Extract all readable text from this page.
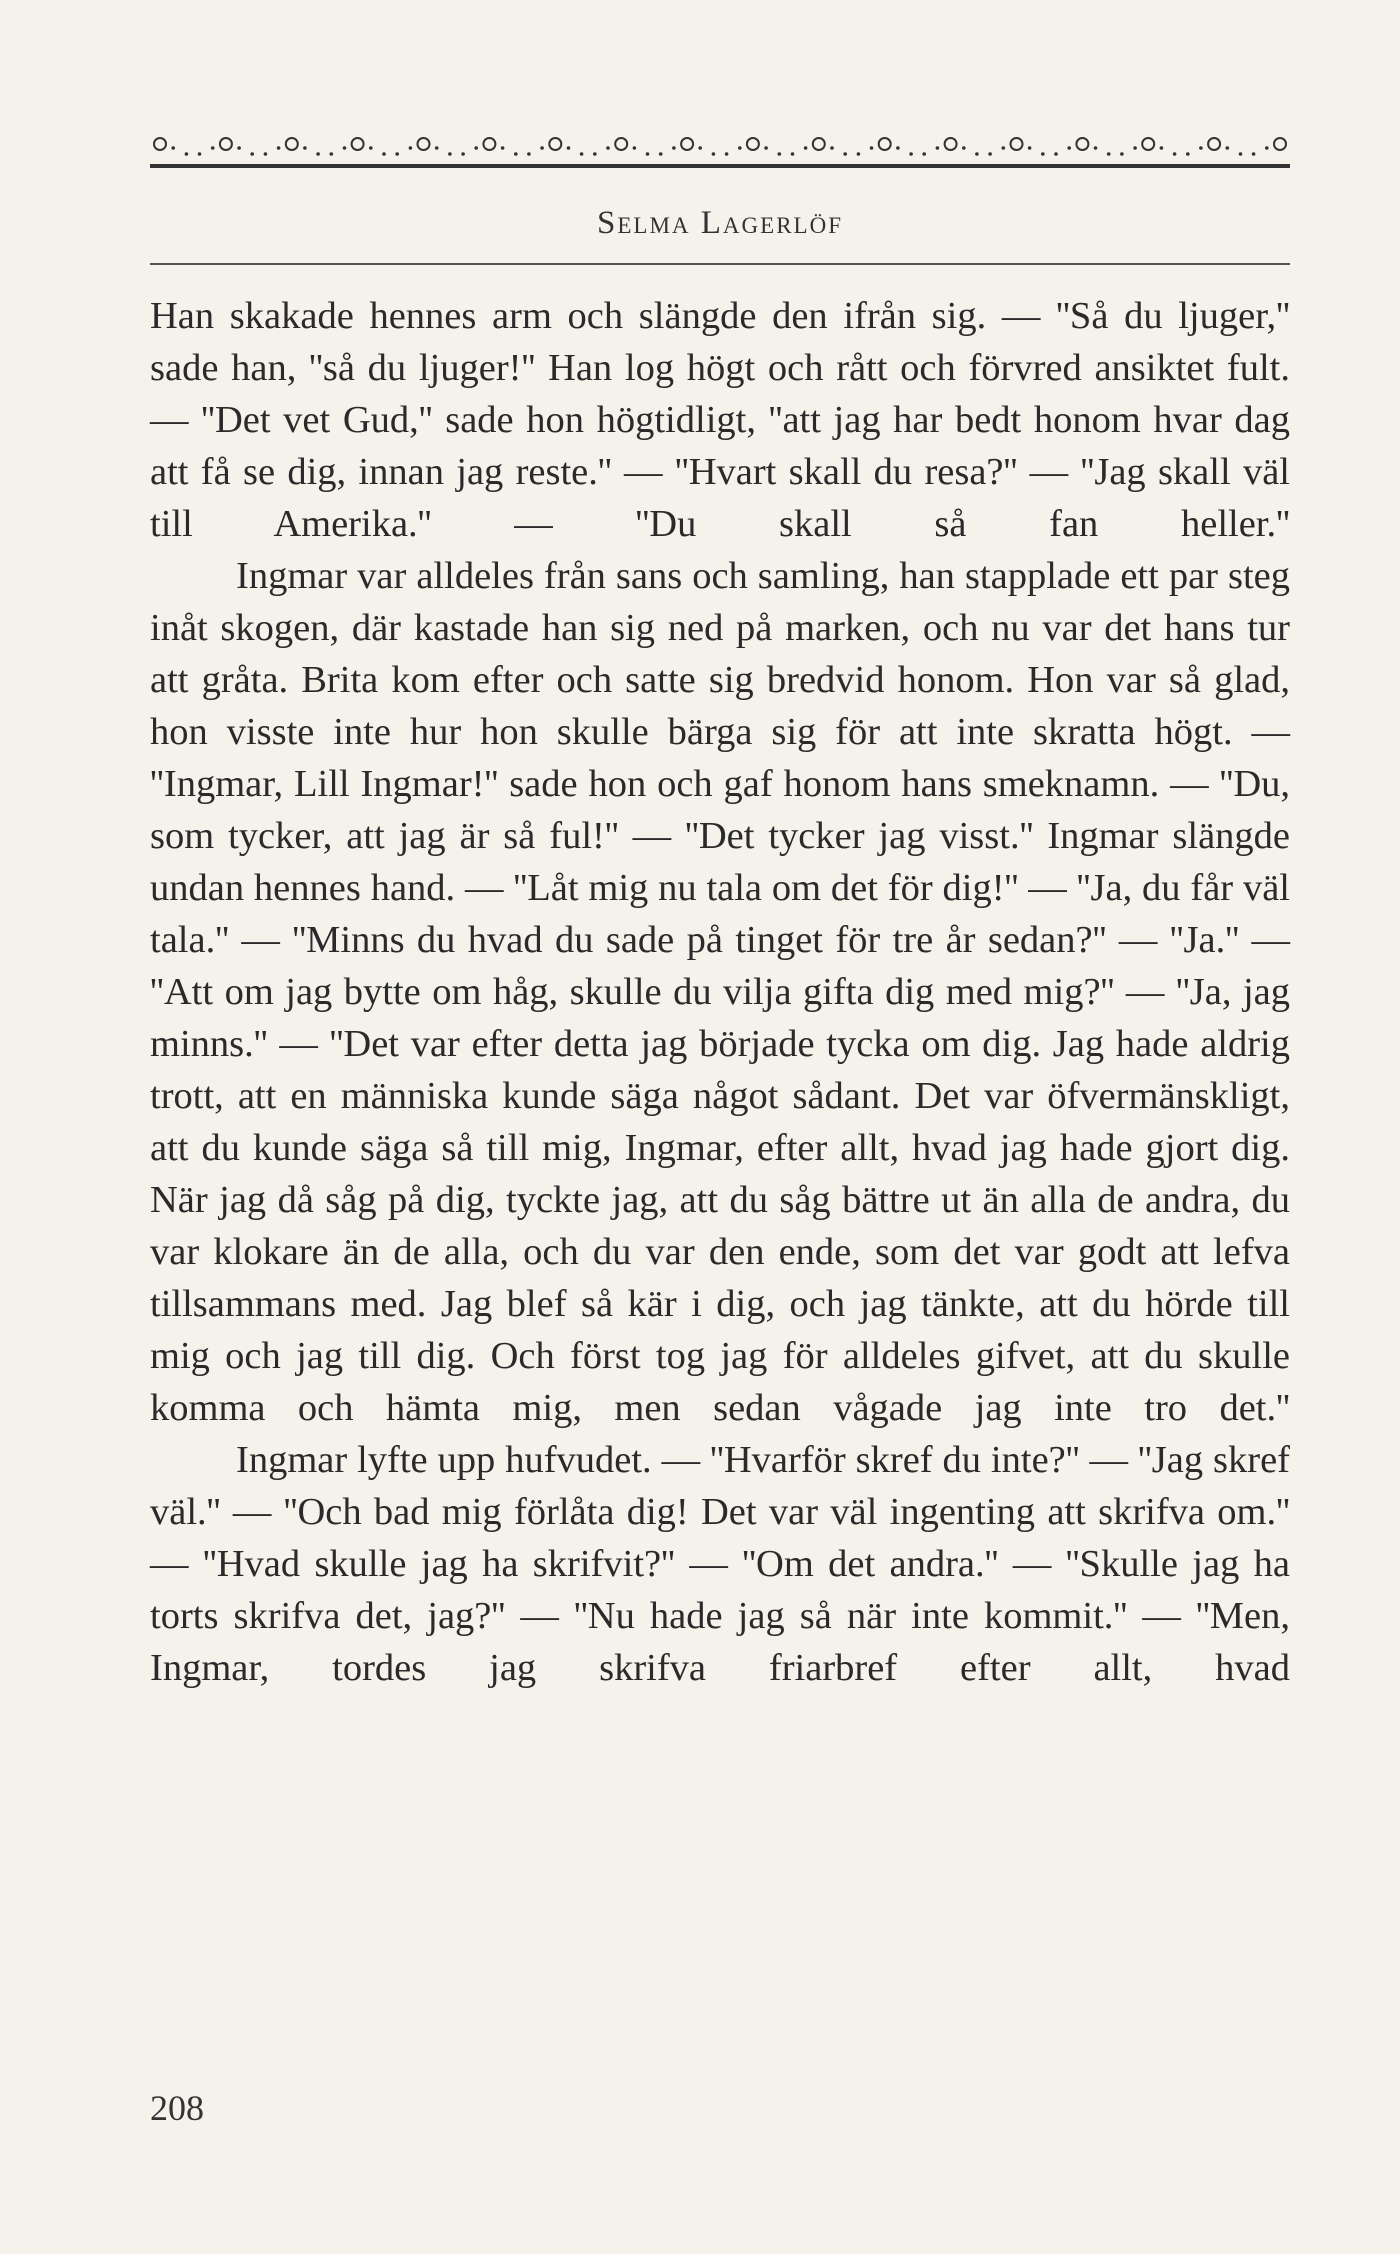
Selma Lagerlöf

Han skakade hennes arm och slängde den ifrån sig. — ''Så du ljuger,'' sade han, ''så du ljuger!'' Han log högt och rått och förvred ansiktet fult. — ''Det vet Gud,'' sade hon högtidligt, ''att jag har bedt honom hvar dag att få se dig, innan jag reste.'' — ''Hvart skall du resa?'' — ''Jag skall väl till Amerika.'' — ''Du skall så fan heller.''

Ingmar var alldeles från sans och samling, han stapplade ett par steg inåt skogen, där kastade han sig ned på marken, och nu var det hans tur att gråta. Brita kom efter och satte sig bredvid honom. Hon var så glad, hon visste inte hur hon skulle bärga sig för att inte skratta högt. — ''Ingmar, Lill Ingmar!'' sade hon och gaf honom hans smeknamn. — ''Du, som tycker, att jag är så ful!'' — ''Det tycker jag visst.'' Ingmar slängde undan hennes hand. — ''Låt mig nu tala om det för dig!'' — ''Ja, du får väl tala.'' — ''Minns du hvad du sade på tinget för tre år sedan?'' — ''Ja.'' — ''Att om jag bytte om håg, skulle du vilja gifta dig med mig?'' — ''Ja, jag minns.'' — ''Det var efter detta jag började tycka om dig. Jag hade aldrig trott, att en människa kunde säga något sådant. Det var öfvermänskligt, att du kunde säga så till mig, Ingmar, efter allt, hvad jag hade gjort dig. När jag då såg på dig, tyckte jag, att du såg bättre ut än alla de andra, du var klokare än de alla, och du var den ende, som det var godt att lefva tillsammans med. Jag blef så kär i dig, och jag tänkte, att du hörde till mig och jag till dig. Och först tog jag för alldeles gifvet, att du skulle komma och hämta mig, men sedan vågade jag inte tro det.''

Ingmar lyfte upp hufvudet. — ''Hvarför skref du inte?'' — ''Jag skref väl.'' — ''Och bad mig förlåta dig! Det var väl ingenting att skrifva om.'' — ''Hvad skulle jag ha skrifvit?'' — ''Om det andra.'' — ''Skulle jag ha torts skrifva det, jag?'' — ''Nu hade jag så när inte kommit.'' — ''Men, Ingmar, tordes jag skrifva friarbref efter allt, hvad

208
